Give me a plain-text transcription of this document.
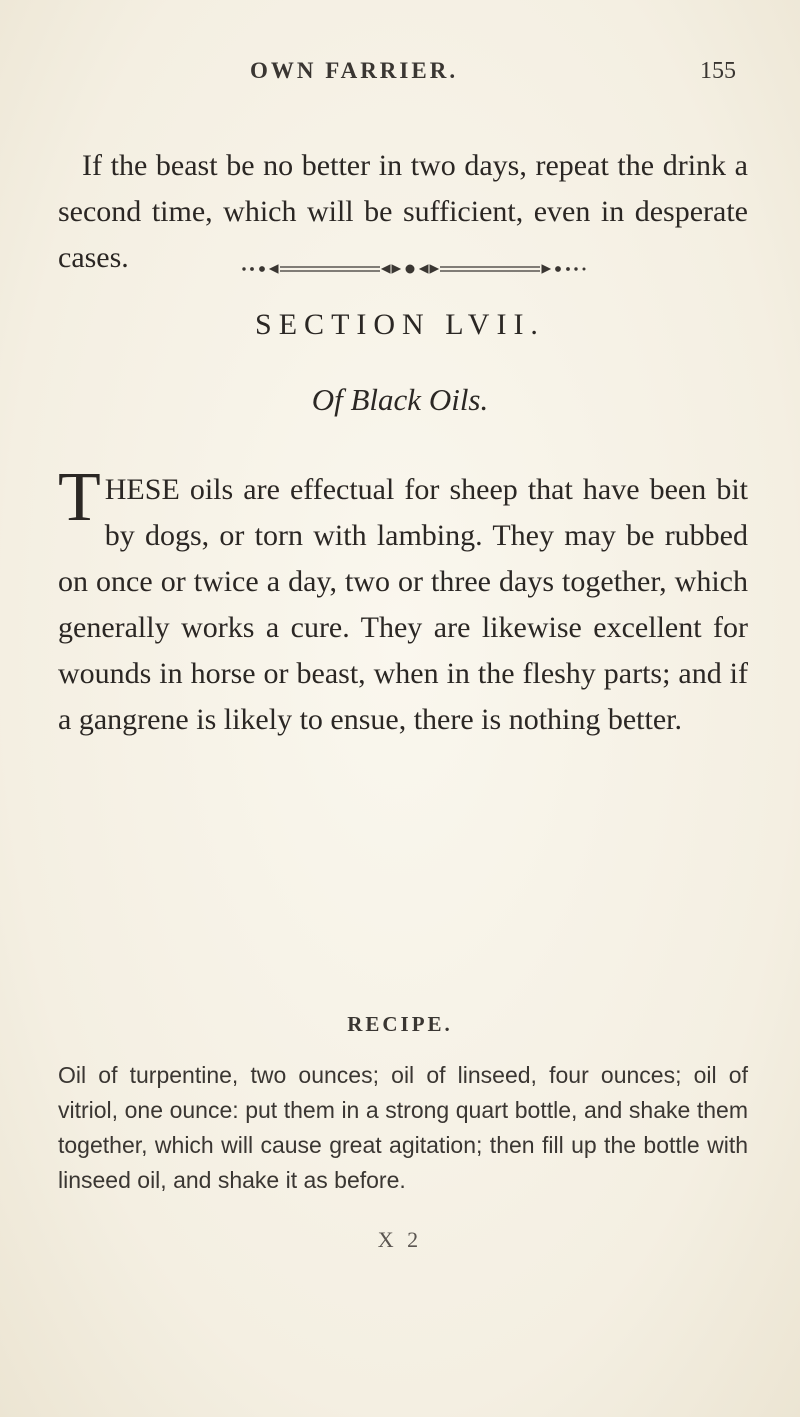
OWN FARRIER.	155

If the beast be no better in two days, repeat the drink a second time, which will be sufficient, even in desperate cases.

SECTION LVII.
Of Black Oils.

THESE oils are effectual for sheep that have been bit by dogs, or torn with lambing. They may be rubbed on once or twice a day, two or three days together, which generally works a cure. They are likewise excellent for wounds in horse or beast, when in the fleshy parts; and if a gangrene is likely to ensue, there is nothing better.

RECIPE.

Oil of turpentine, two ounces; oil of linseed, four ounces; oil of vitriol, one ounce: put them in a strong quart bottle, and shake them together, which will cause great agitation; then fill up the bottle with linseed oil, and shake it as before.

X 2
